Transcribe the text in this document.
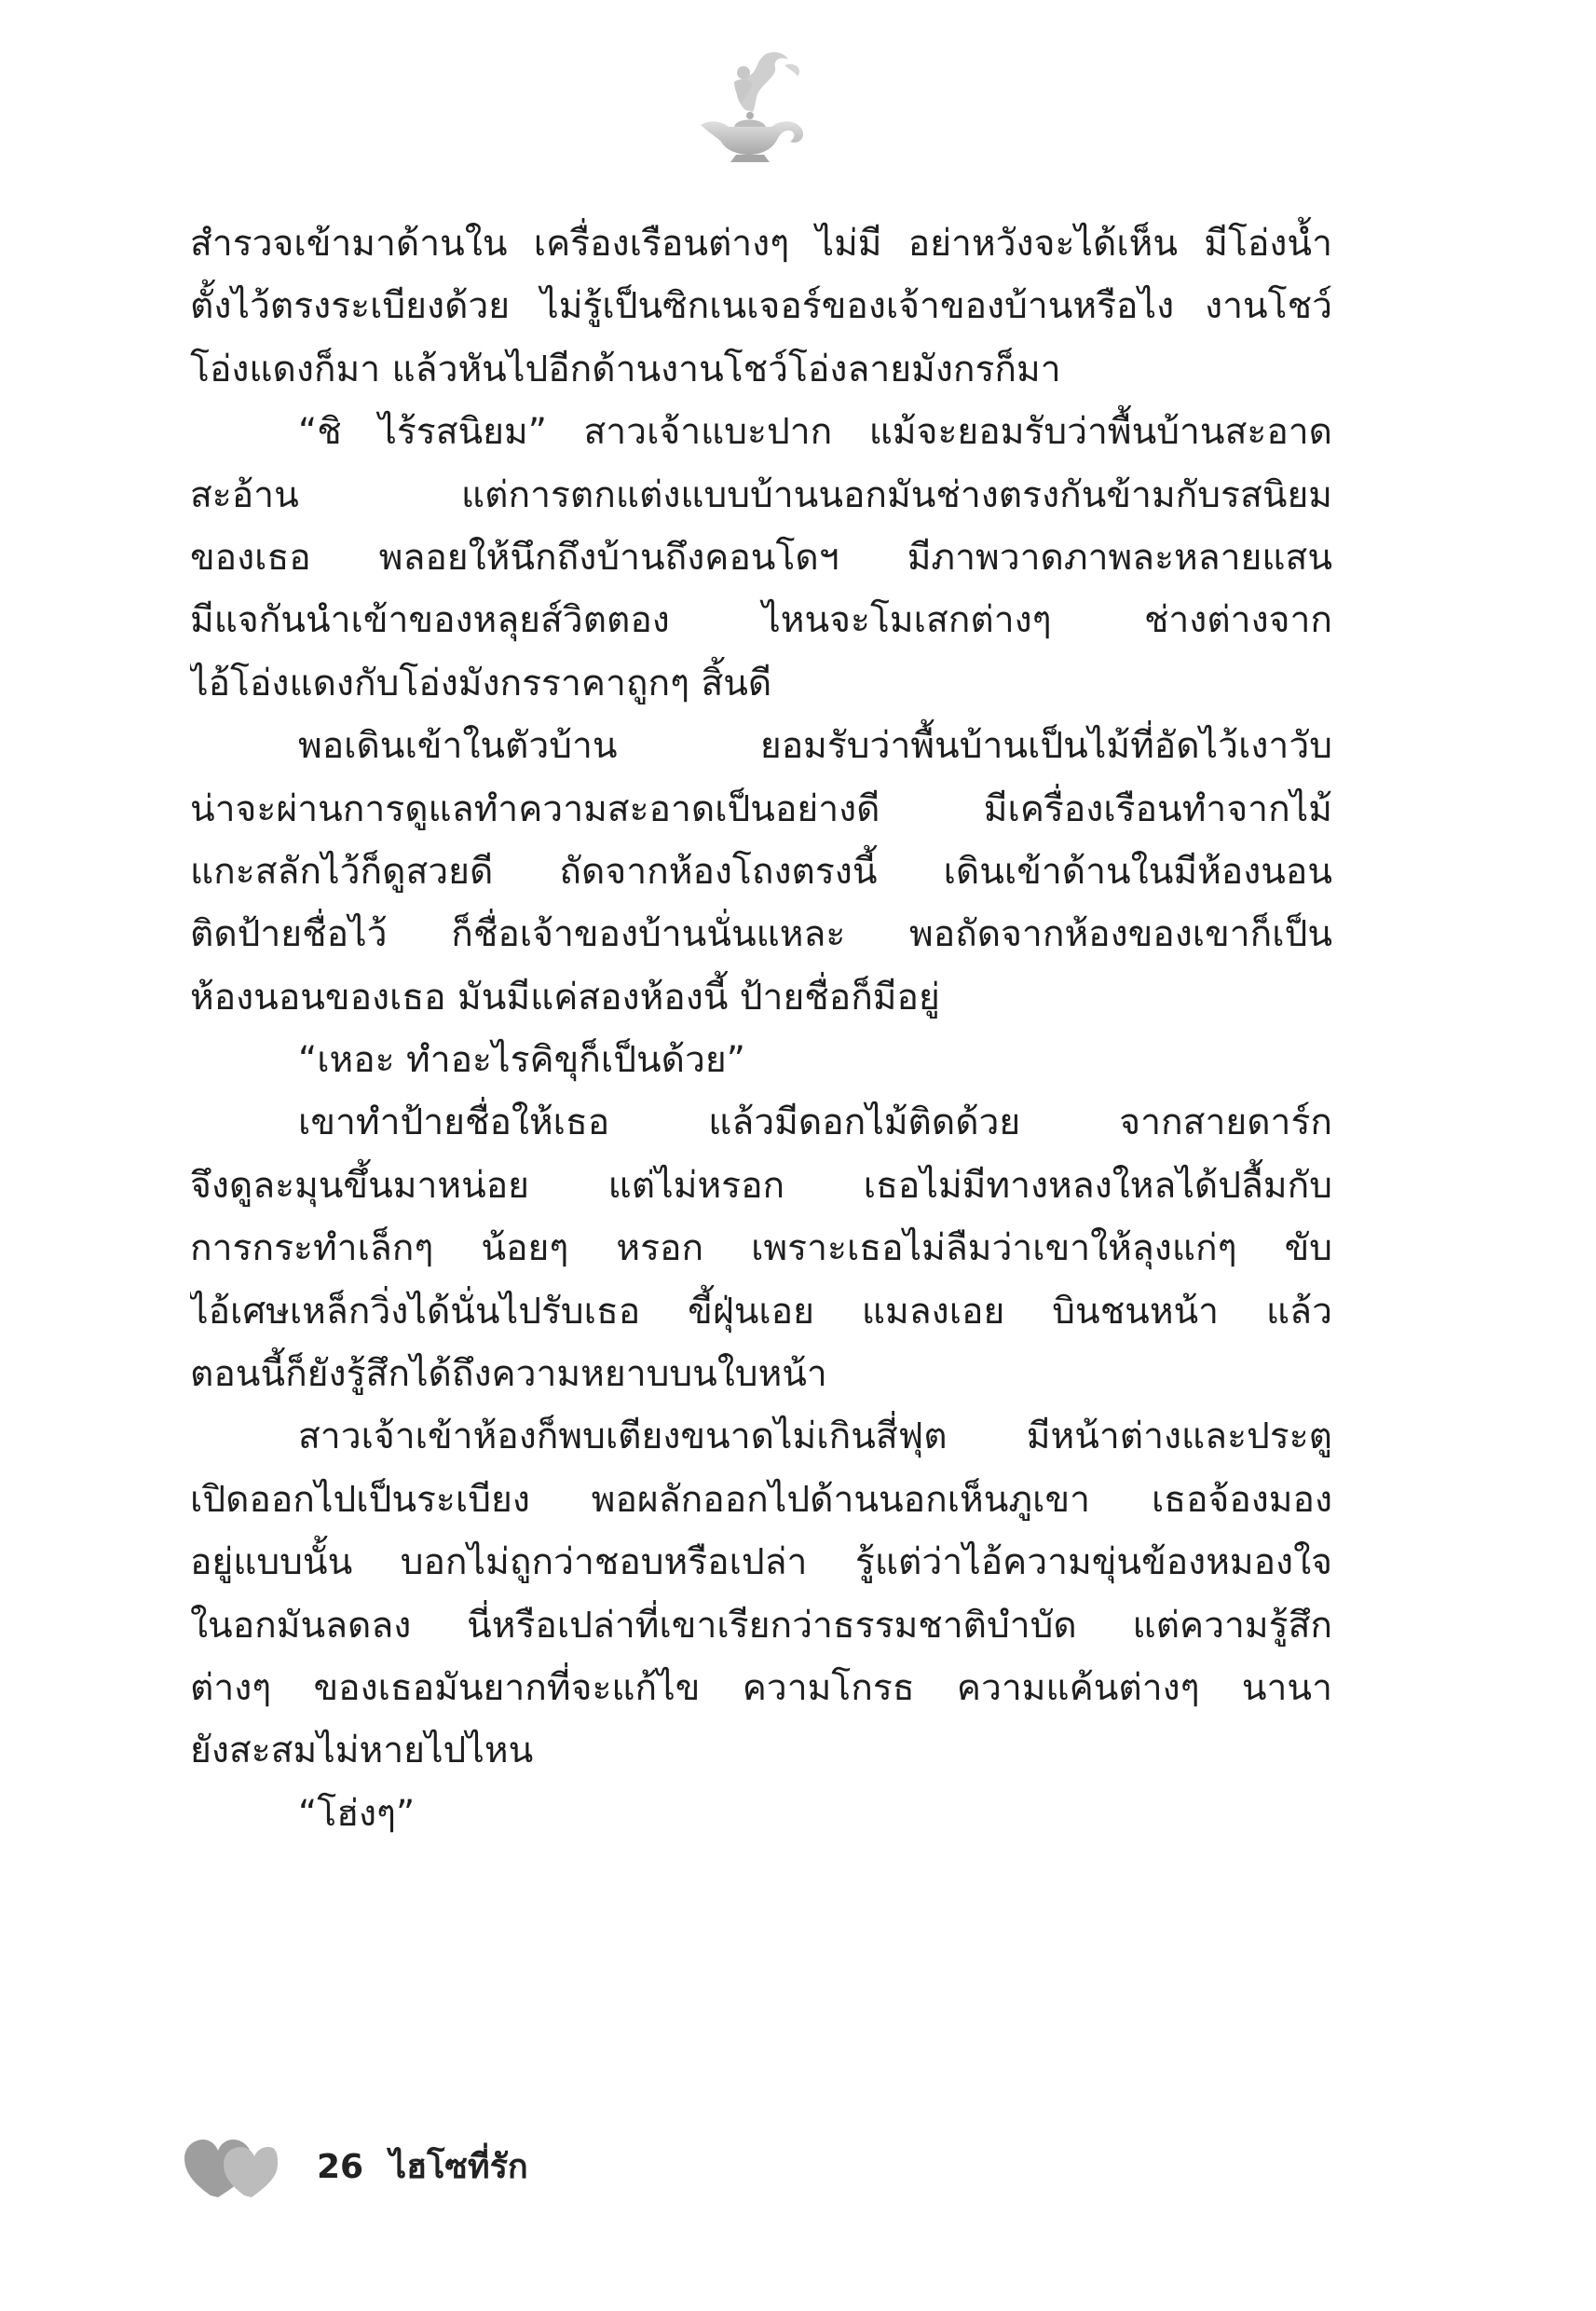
สำรวจเข้ามาด้านใน เครื่องเรือนต่างๆ ไม่มี อย่าหวังจะได้เห็น มีโอ่งน้ำ
ตั้งไว้ตรงระเบียงด้วย ไม่รู้เป็นซิกเนเจอร์ของเจ้าของบ้านหรือไง งานโชว์
โอ่งแดงก็มา แล้วหันไปอีกด้านงานโชว์โอ่งลายมังกรก็มา
“ชิ ไร้รสนิยม” สาวเจ้าแบะปาก แม้จะยอมรับว่าพื้นบ้านสะอาด
สะอ้าน แต่การตกแต่งแบบบ้านนอกมันช่างตรงกันข้ามกับรสนิยม
ของเธอ พลอยให้นึกถึงบ้านถึงคอนโดฯ มีภาพวาดภาพละหลายแสน
มีแจกันนำเข้าของหลุยส์วิตตอง ไหนจะโมเสกต่างๆ ช่างต่างจาก
ไอ้โอ่งแดงกับโอ่งมังกรราคาถูกๆ สิ้นดี
พอเดินเข้าในตัวบ้าน ยอมรับว่าพื้นบ้านเป็นไม้ที่อัดไว้เงาวับ
น่าจะผ่านการดูแลทำความสะอาดเป็นอย่างดี มีเครื่องเรือนทำจากไม้
แกะสลักไว้ก็ดูสวยดี ถัดจากห้องโถงตรงนี้ เดินเข้าด้านในมีห้องนอน
ติดป้ายชื่อไว้ ก็ชื่อเจ้าของบ้านนั่นแหละ พอถัดจากห้องของเขาก็เป็น
ห้องนอนของเธอ มันมีแค่สองห้องนี้ ป้ายชื่อก็มีอยู่
“เหอะ ทำอะไรคิขุก็เป็นด้วย”
เขาทำป้ายชื่อให้เธอ แล้วมีดอกไม้ติดด้วย จากสายดาร์ก
จึงดูละมุนขึ้นมาหน่อย แต่ไม่หรอก เธอไม่มีทางหลงใหลได้ปลื้มกับ
การกระทำเล็กๆ น้อยๆ หรอก เพราะเธอไม่ลืมว่าเขาให้ลุงแก่ๆ ขับ
ไอ้เศษเหล็กวิ่งได้นั่นไปรับเธอ ขี้ฝุ่นเอย แมลงเอย บินชนหน้า แล้ว
ตอนนี้ก็ยังรู้สึกได้ถึงความหยาบบนใบหน้า
สาวเจ้าเข้าห้องก็พบเตียงขนาดไม่เกินสี่ฟุต มีหน้าต่างและประตู
เปิดออกไปเป็นระเบียง พอผลักออกไปด้านนอกเห็นภูเขา เธอจ้องมอง
อยู่แบบนั้น บอกไม่ถูกว่าชอบหรือเปล่า รู้แต่ว่าไอ้ความขุ่นข้องหมองใจ
ในอกมันลดลง นี่หรือเปล่าที่เขาเรียกว่าธรรมชาติบำบัด แต่ความรู้สึก
ต่างๆ ของเธอมันยากที่จะแก้ไข ความโกรธ ความแค้นต่างๆ นานา
ยังสะสมไม่หายไปไหน
“โฮ่งๆ”
26 ไฮโซที่รัก
